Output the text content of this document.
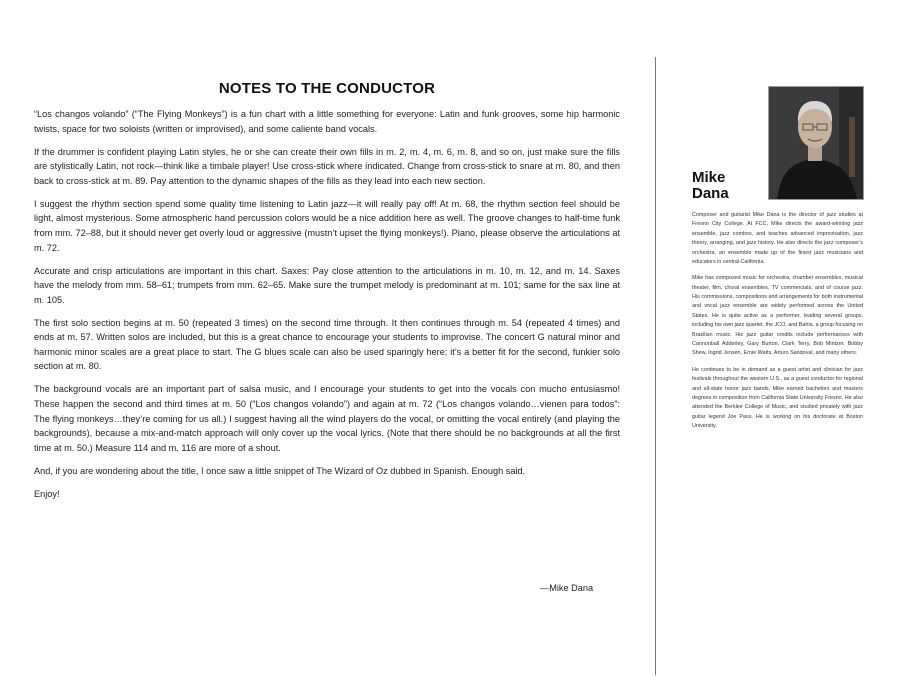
NOTES TO THE CONDUCTOR

“Los changos volando” (“The Flying Monkeys”) is a fun chart with a little something for everyone: Latin and funk grooves, some hip harmonic twists, space for two soloists (written or improvised), and some caliente band vocals.

If the drummer is confident playing Latin styles, he or she can create their own fills in m. 2, m. 4, m. 6, m. 8, and so on, just make sure the fills are stylistically Latin, not rock—think like a timbale player! Use cross-stick where indicated. Change from cross-stick to snare at m. 80, and then back to cross-stick at m. 89. Pay attention to the dynamic shapes of the fills as they lead into each new section.

I suggest the rhythm section spend some quality time listening to Latin jazz—it will really pay off! At m. 68, the rhythm section feel should be light, almost mysterious. Some atmospheric hand percussion colors would be a nice addition here as well. The groove changes to half-time funk from mm. 72–88, but it should never get overly loud or aggressive (mustn’t upset the flying monkeys!). Piano, please observe the articulations at m. 72.

Accurate and crisp articulations are important in this chart. Saxes: Pay close attention to the articulations in m. 10, m. 12, and m. 14. Saxes have the melody from mm. 58–61; trumpets from mm. 62–65. Make sure the trumpet melody is predominant at m. 101; same for the sax line at m. 105.

The first solo section begins at m. 50 (repeated 3 times) on the second time through. It then continues through m. 54 (repeated 4 times) and ends at m. 57. Written solos are included, but this is a great chance to encourage your students to improvise. The concert G natural minor and harmonic minor scales are a great place to start. The G blues scale can also be used sparingly here; it’s a better fit for the second, funkier solo section at m. 80.

The background vocals are an important part of salsa music, and I encourage your students to get into the vocals con mucho entusiasmo! These happen the second and third times at m. 50 (“Los changos volando”) and again at m. 72 (“Los changos volando…vienen para todos”: The flying monkeys…they’re coming for us all.) I suggest having all the wind players do the vocal, or omitting the vocal entirely (and playing the backgrounds), because a mix-and-match approach will only cover up the vocal lyrics. (Note that there should be no backgrounds at all the first time at m. 50.) Measure 114 and m. 116 are more of a shout.

And, if you are wondering about the title, I once saw a little snippet of The Wizard of Oz dubbed in Spanish. Enough said.

Enjoy!

—Mike Dana
Mike
Dana

Composer and guitarist Mike Dana is the director of jazz studies at Fresno City College. At FCC, Mike directs the award-winning jazz ensemble, jazz combos, and teaches advanced improvisation, jazz theory, arranging, and jazz history. He also directs the jazz composer’s orchestra, an ensemble made up of the finest jazz musicians and educators in central California.

Mike has composed music for orchestra, chamber ensembles, musical theater, film, choral ensembles, TV commercials, and of course jazz. His commissions, compositions and arrangements for both instrumental and vocal jazz ensemble are widely performed across the United States. He is quite active as a performer, leading several groups, including his own jazz quartet, the JCO, and Bahia, a group focusing on Brazilian music. His jazz guitar credits include performances with Cannonball Adderley, Gary Burton, Clark Terry, Bob Mintzer, Bobby Shew, Ingrid Jensen, Ernie Watts, Arturo Sandoval, and many others.

He continues to be in demand as a guest artist and clinician for jazz festivals throughout the western U.S., as a guest conductor for regional and all-state honor jazz bands. Mike earned bachelors and masters degrees in composition from California State University Fresno. He also attended the Berklee College of Music, and studied privately with jazz guitar legend Joe Pass. He is working on his doctorate at Boston University.
